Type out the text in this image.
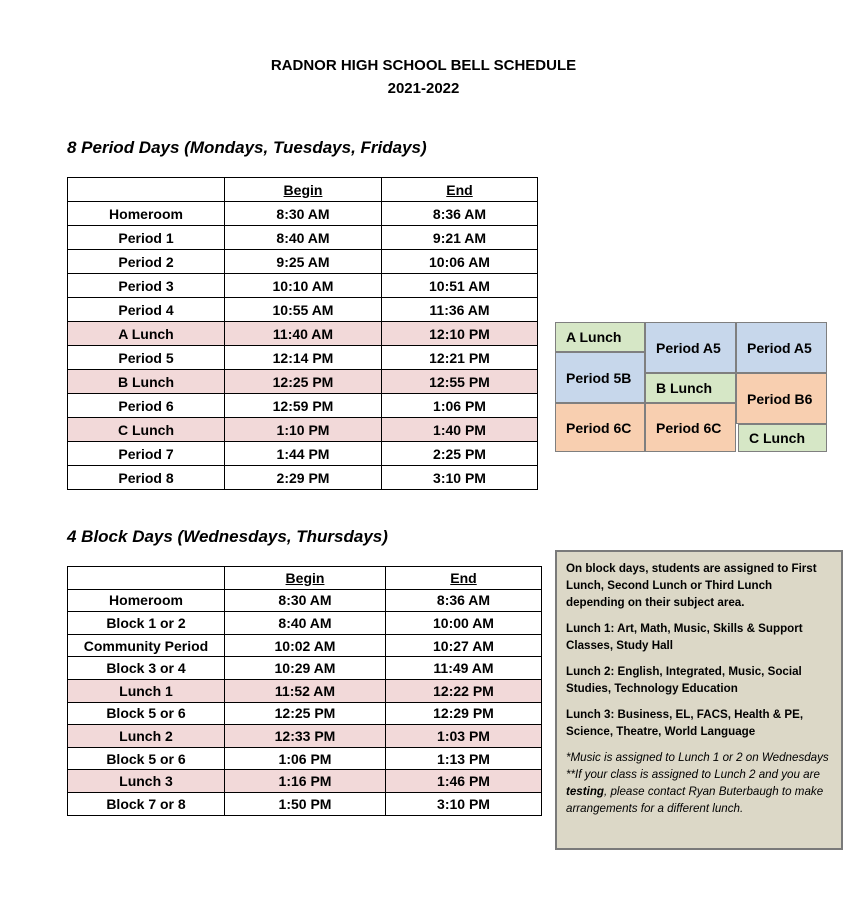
RADNOR HIGH SCHOOL BELL SCHEDULE
2021-2022
8 Period Days (Mondays, Tuesdays, Fridays)
	Begin	End
Homeroom	8:30 AM	8:36 AM
Period 1	8:40 AM	9:21 AM
Period 2	9:25 AM	10:06 AM
Period 3	10:10 AM	10:51 AM
Period 4	10:55 AM	11:36 AM
A Lunch	11:40 AM	12:10 PM
Period 5	12:14 PM	12:21 PM
B Lunch	12:25 PM	12:55 PM
Period 6	12:59 PM	1:06 PM
C Lunch	1:10 PM	1:40 PM
Period 7	1:44 PM	2:25 PM
Period 8	2:29 PM	3:10 PM
A Lunch
Period A5	Period A5
Period 5B
B Lunch
Period B6
Period 6C	Period 6C
C Lunch
4 Block Days (Wednesdays, Thursdays)
	Begin	End
Homeroom	8:30 AM	8:36 AM
Block 1 or 2	8:40 AM	10:00 AM
Community Period	10:02 AM	10:27 AM
Block 3 or 4	10:29 AM	11:49 AM
Lunch 1	11:52 AM	12:22 PM
Block 5 or 6	12:25 PM	12:29 PM
Lunch 2	12:33 PM	1:03 PM
Block 5 or 6	1:06 PM	1:13 PM
Lunch 3	1:16 PM	1:46 PM
Block 7 or 8	1:50 PM	3:10 PM

On block days, students are assigned to First Lunch, Second Lunch or Third Lunch depending on their subject area.

Lunch 1: Art, Math, Music, Skills & Support Classes, Study Hall

Lunch 2: English, Integrated, Music, Social Studies, Technology Education

Lunch 3: Business, EL, FACS, Health & PE, Science, Theatre, World Language

*Music is assigned to Lunch 1 or 2 on Wednesdays

**If your class is assigned to Lunch 2 and you are testing, please contact Ryan Buterbaugh to make arrangements for a different lunch.
